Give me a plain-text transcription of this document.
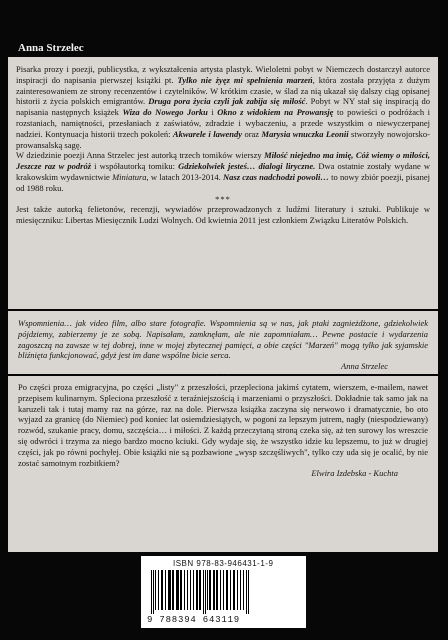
Anna Strzelec

Pisarka prozy i poezji, publicystka, z wykształcenia artysta plastyk. Wieloletni pobyt w Niemczech dostarczył autorce inspiracji do napisania pierwszej książki pt. Tylko nie żyęz mi spełnienia marzeń, która została przyjęta z dużym zainteresowaniem ze strony recenzentów i czytelników. W krótkim czasie, w ślad za nią ukazał się dalszy ciąg opisanej historii z życia polskich emigrantów. Druga pora życia czyli jak zabija się miłość. Pobyt w NY stał się inspiracją do napisania następnych książek Wiza do Nowego Jorku i Okno z widokiem na Prowansję to powieści o podróżach i rozstaniach, namiętności, przesłaniach z zaświatów, zdradzie i wybaczeniu, a przede wszystkim o niewyczerpanej nadziei. Kontynuacja historii trzech pokoleń: Akwarele i lawendy oraz Marysia wnuczka Leonii stworzyły nowojorsko-prowansalską sagę.

W dziedzinie poezji Anna Strzelec jest autorką trzech tomików wierszy Miłość niejedno ma imię, Cóż wiemy o miłości, Jeszcze raz w podróż i współautorką tomiku: Gdziekolwiek jesteś… dialogi liryczne. Dwa ostatnie zostały wydane w krakowskim wydawnictwie Miniatura, w latach 2013-2014. Nasz czas nadchodzi powoli… to nowy zbiór poezji, pisanej od 1988 roku.

***

Jest także autorką felietonów, recenzji, wywiadów przeprowadzonych z ludźmi literatury i sztuki. Publikuje w miesięczniku: Libertas Miesięcznik Ludzi Wolnych. Od kwietnia 2011 jest członkiem Związku Literatów Polskich.

Wspomnienia… jak video film, albo stare fotografie. Wspomnienia są w nas, jak ptaki zagnieżdżone, gdziekolwiek pójdziemy, zabierzemy je ze sobą. Napisałam, zamknęłam, ale nie zapomniałam… Pewne postacie i wydarzenia zagoszczą na zawsze w tej dobrej, inne w mojej zbytecznej pamięci, a obie części "Marzeń" mogą tylko jak syjamskie bliźnięta funkcjonować, gdyż jest im dane wspólne bicie serca.

Anna Strzelec

Po części proza emigracyjna, po części „listy" z przeszłości, przepleciona jakimś cytatem, wierszem, e-mailem, nawet przepisem kulinarnym. Spleciona przeszłość z teraźniejszością i marzeniami o przyszłości. Dokładnie tak samo jak na karuzeli tak i tutaj mamy raz na górze, raz na dole. Pierwsza książka zaczyna się nerwowo i dramatycznie, bo oto wyjazd za granicę (do Niemiec) pod koniec lat osiemdziesiątych, w pogoni za lepszym jutrem, nagły (niespodziewany) rozwód, szukanie pracy, domu, szczęścia… i miłości. Z każdą przeczytaną stroną czeka się, aż ten surowy los wreszcie się odwróci i trzyma za niego bardzo mocno kciuki. Gdy wydaje się, że wszystko idzie ku lepszemu, to już w drugiej części, jak po równi pochyłej. Obie książki nie są pozbawione „wysp szczęśliwych", tylko czy uda się je ocalić, by nie zostać samotnym rozbitkiem?

Elwira Izdebska - Kuchta

ISBN 978-83-946431-1-9
9 788394 643119
